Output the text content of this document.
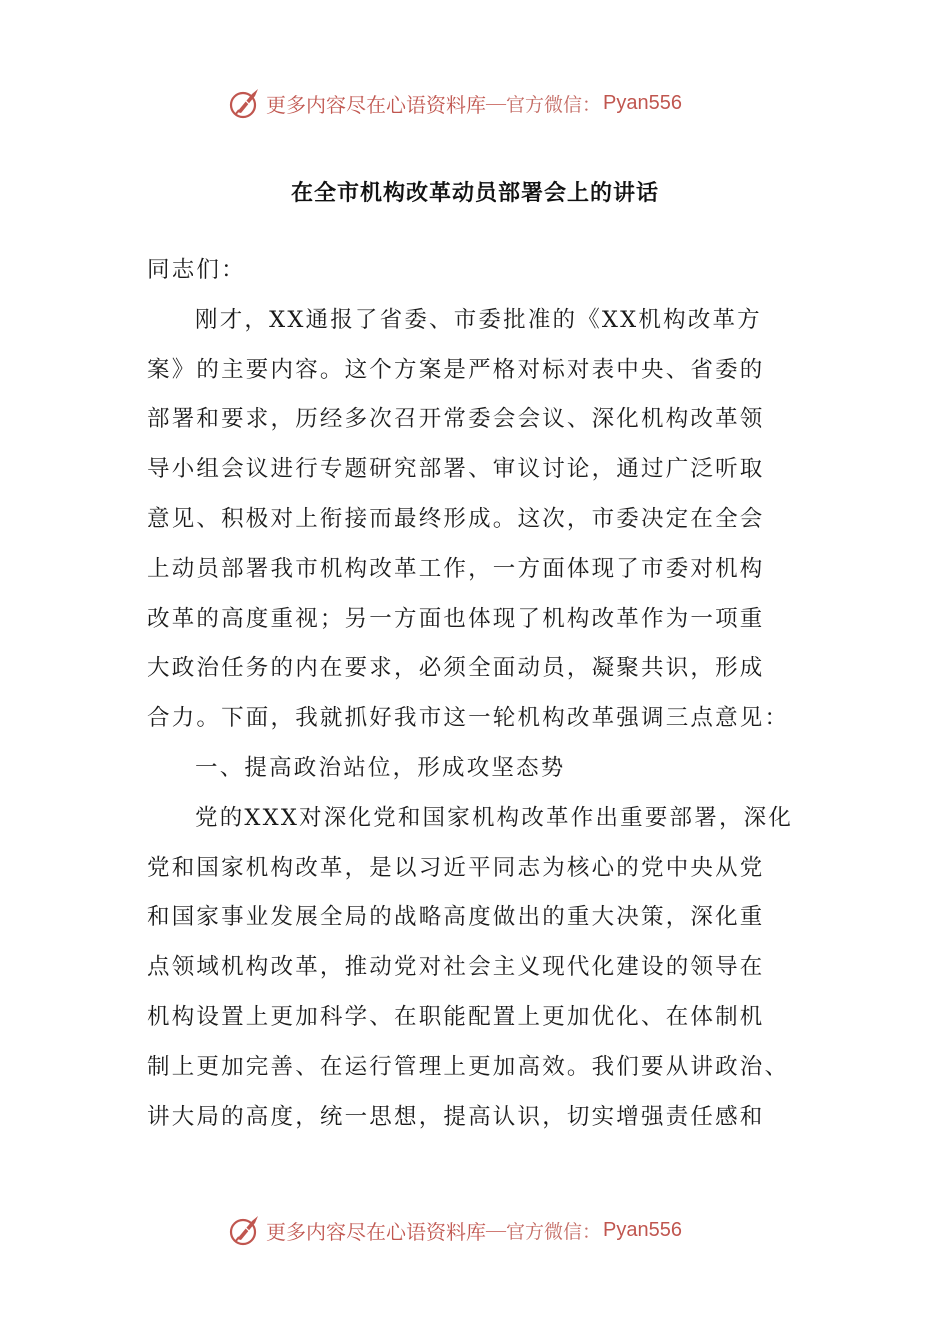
更多内容尽在心语资料库 — 官方微信： Pyan556
在全市机构改革动员部署会上的讲话
同志们：
刚才，XX通报了省委、市委批准的《XX机构改革方
案》的主要内容。这个方案是严格对标对表中央、省委的
部署和要求，历经多次召开常委会会议、深化机构改革领
导小组会议进行专题研究部署、审议讨论，通过广泛听取
意见、积极对上衔接而最终形成。这次，市委决定在全会
上动员部署我市机构改革工作，一方面体现了市委对机构
改革的高度重视；另一方面也体现了机构改革作为一项重
大政治任务的内在要求，必须全面动员，凝聚共识，形成
合力。下面，我就抓好我市这一轮机构改革强调三点意见：
一、提高政治站位，形成攻坚态势
党的XXX对深化党和国家机构改革作出重要部署，深化
党和国家机构改革，是以习近平同志为核心的党中央从党
和国家事业发展全局的战略高度做出的重大决策，深化重
点领域机构改革，推动党对社会主义现代化建设的领导在
机构设置上更加科学、在职能配置上更加优化、在体制机
制上更加完善、在运行管理上更加高效。我们要从讲政治、
讲大局的高度，统一思想，提高认识，切实增强责任感和
更多内容尽在心语资料库 — 官方微信： Pyan556
